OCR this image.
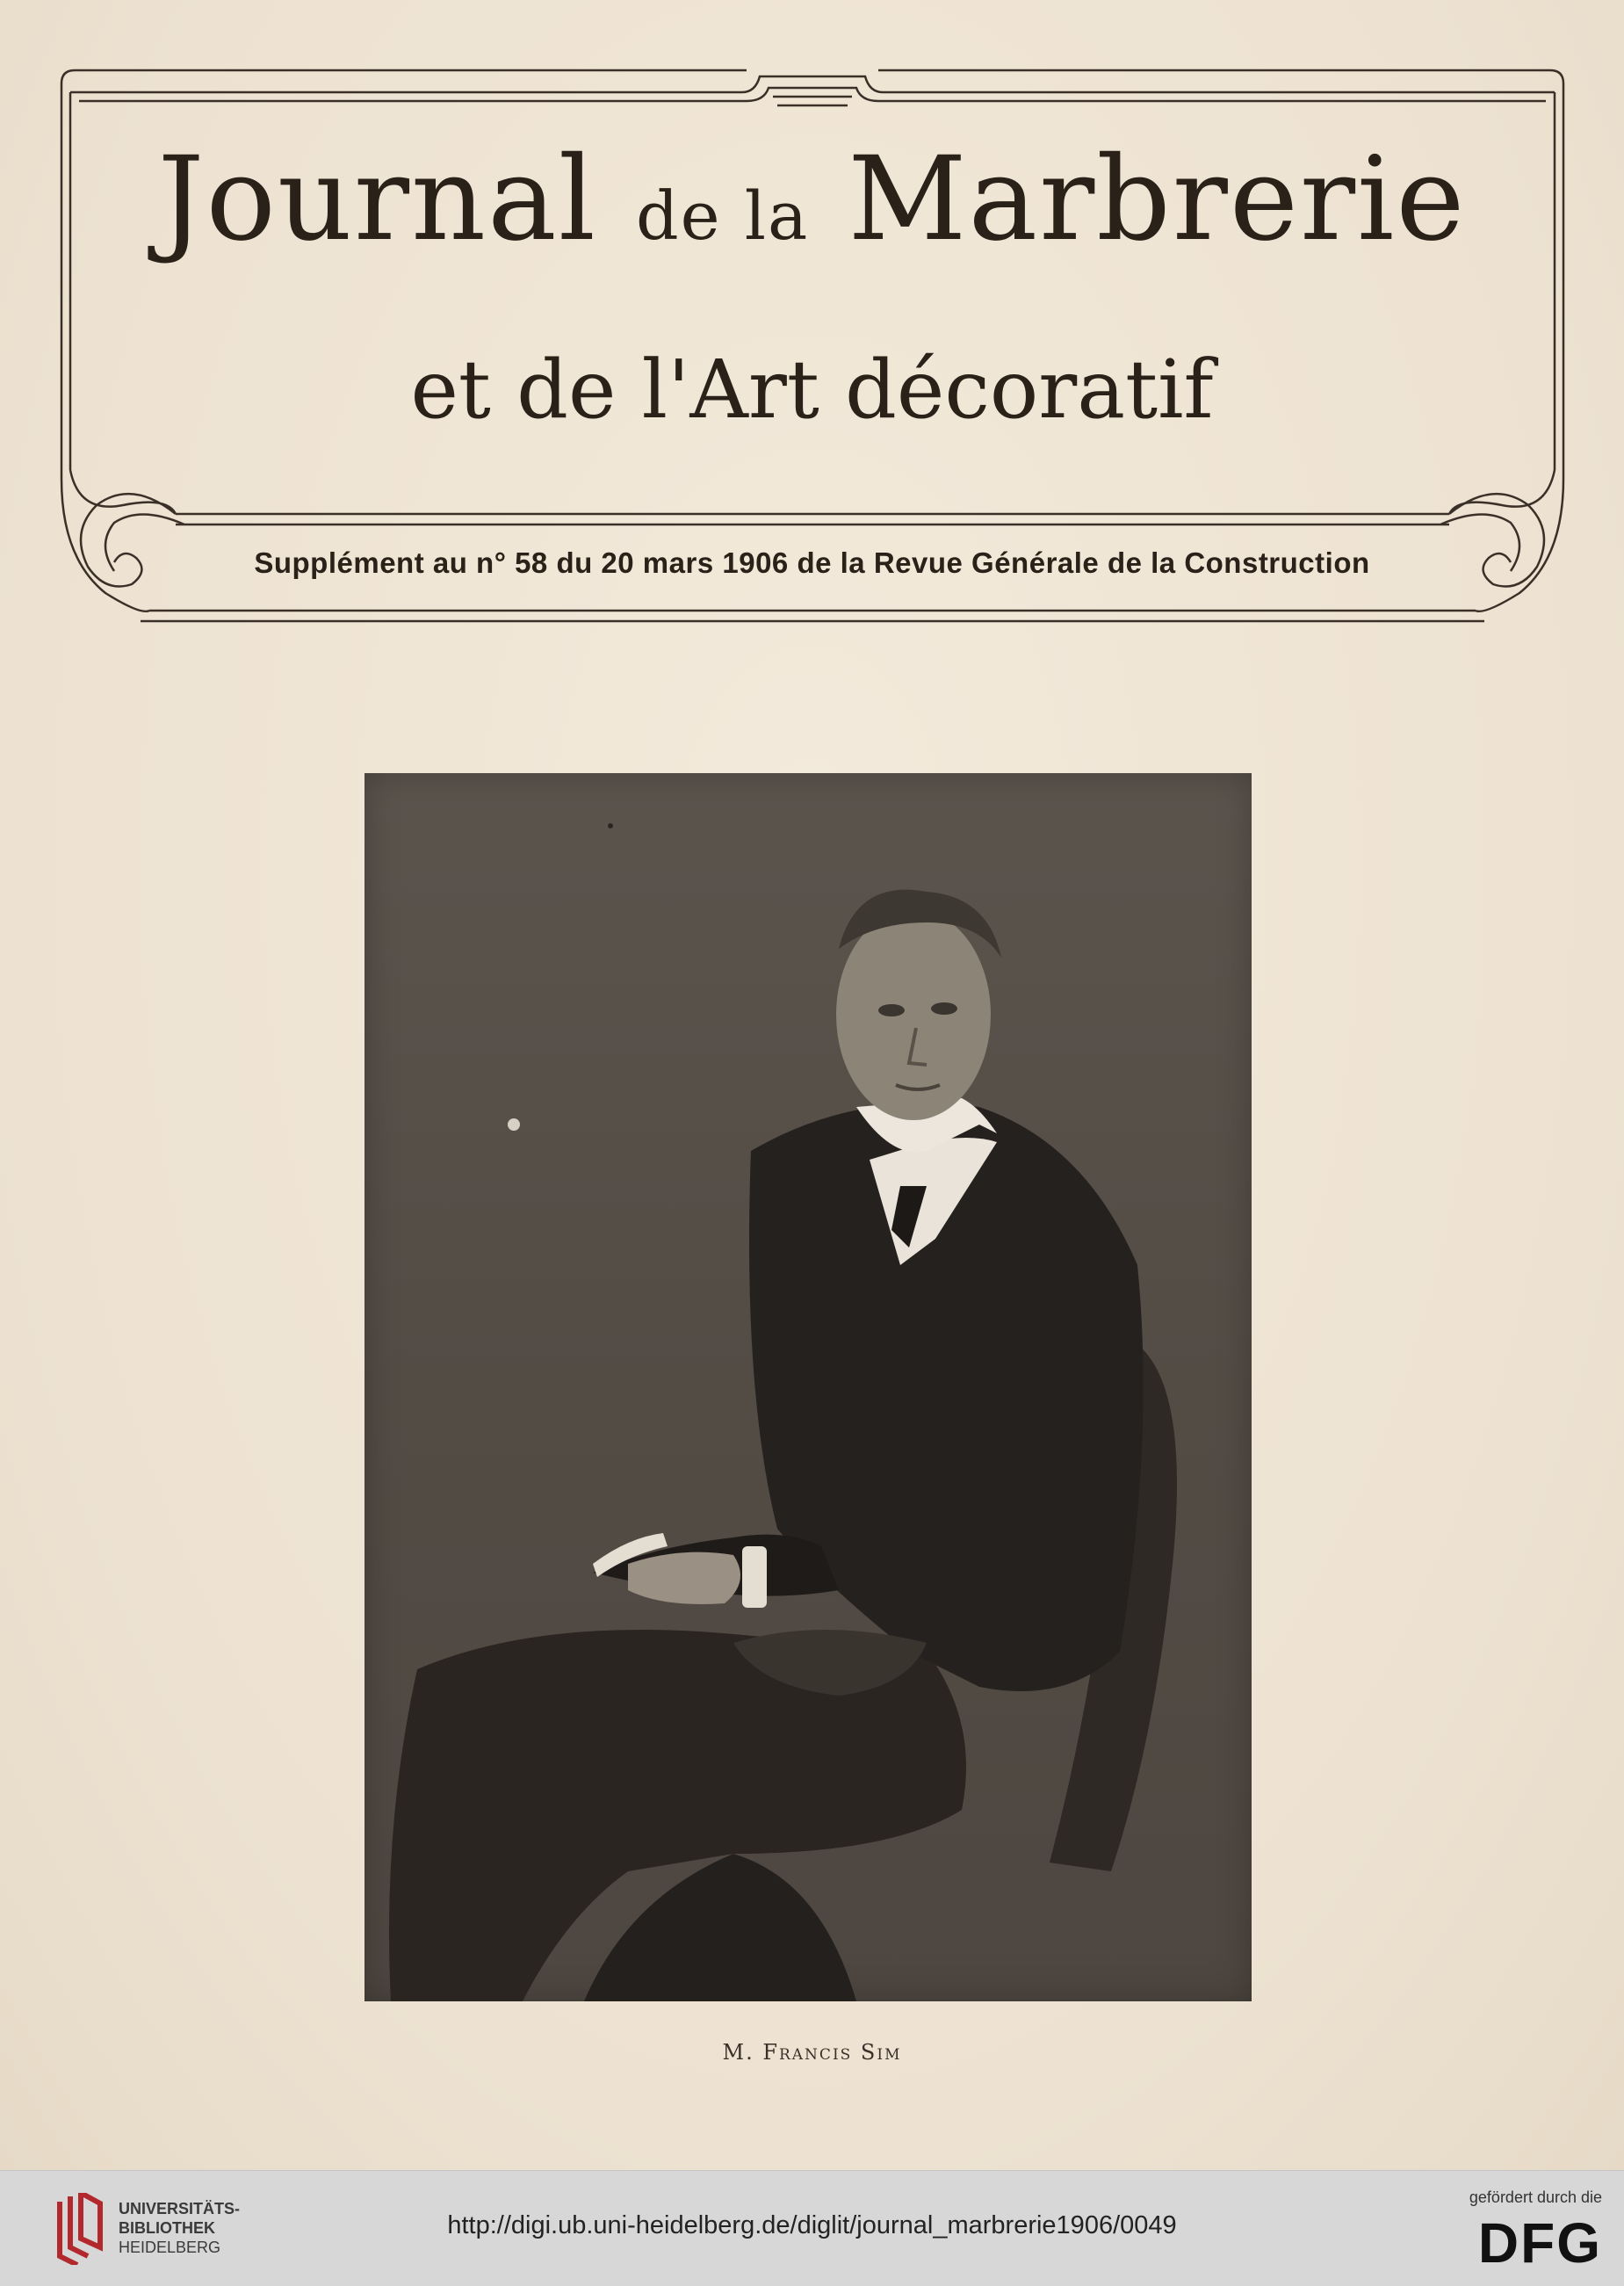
Journal de la Marbrerie
et de l'Art décoratif
Supplément au n° 58 du 20 mars 1906 de la Revue Générale de la Construction
M. Francis Sim
UNIVERSITÄTS-
BIBLIOTHEK
HEIDELBERG
http://digi.ub.uni-heidelberg.de/diglit/journal_marbrerie1906/0049
gefördert durch die
DFG
